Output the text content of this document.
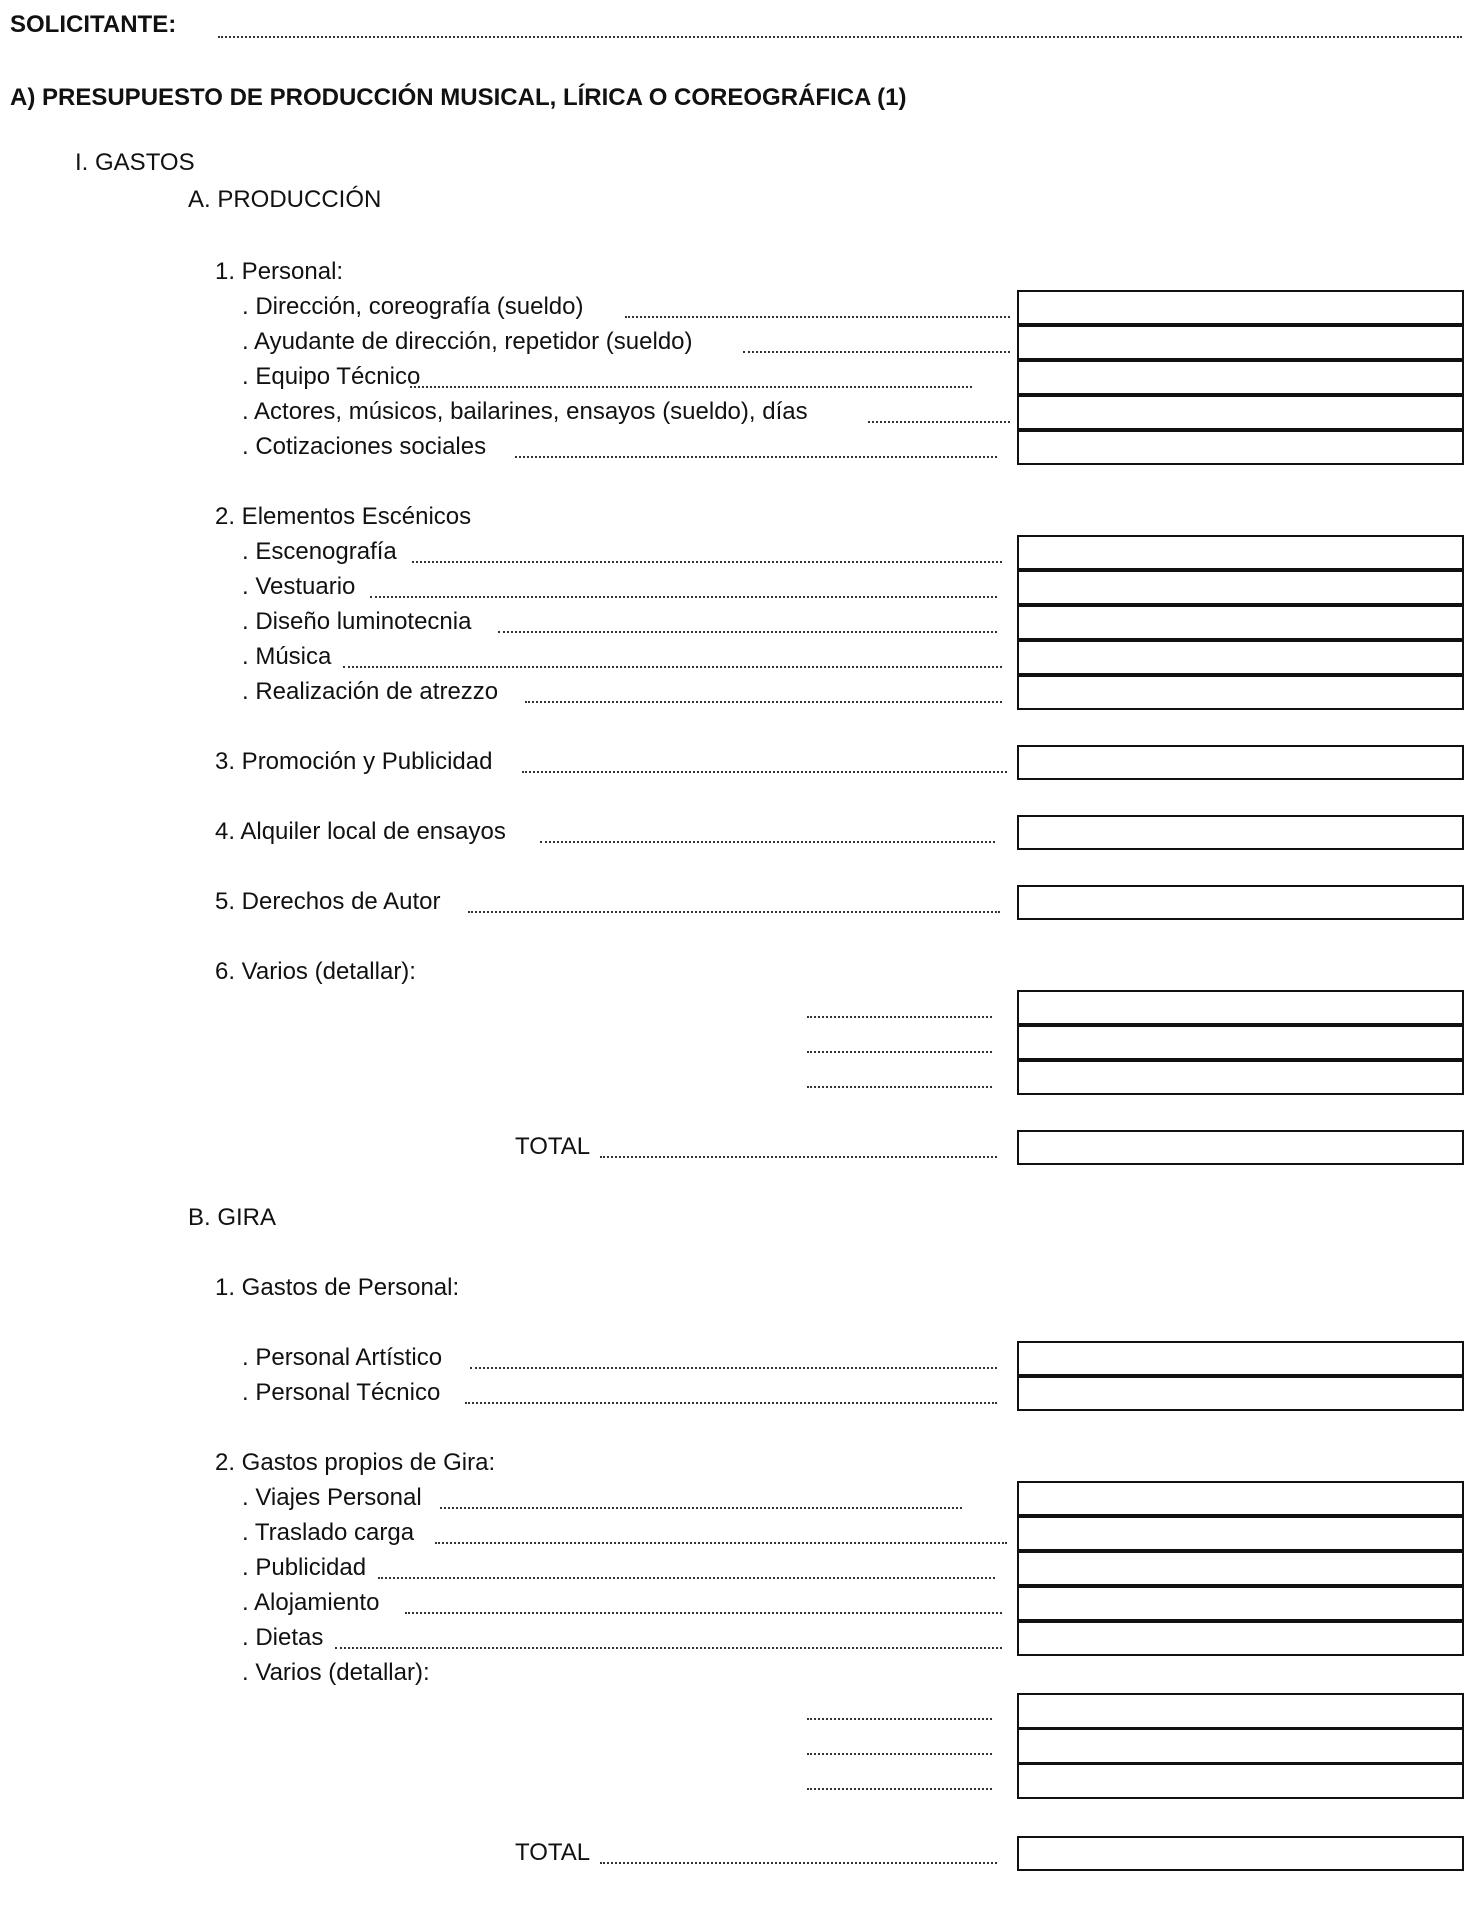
SOLICITANTE:
A) PRESUPUESTO DE PRODUCCIÓN MUSICAL, LÍRICA O COREOGRÁFICA (1)
I. GASTOS
A. PRODUCCIÓN
1. Personal:
. Dirección, coreografía (sueldo)
. Ayudante de dirección, repetidor (sueldo)
. Equipo Técnico
. Actores, músicos, bailarines, ensayos (sueldo), días
. Cotizaciones sociales
2. Elementos Escénicos
. Escenografía
. Vestuario
. Diseño luminotecnia
. Música
. Realización de atrezzo
3. Promoción y Publicidad
4. Alquiler local de ensayos
5. Derechos de Autor
6. Varios (detallar):
TOTAL
B. GIRA
1. Gastos de Personal:
. Personal Artístico
. Personal Técnico
2. Gastos propios de Gira:
. Viajes Personal
. Traslado carga
. Publicidad
. Alojamiento
. Dietas
. Varios (detallar):
TOTAL
